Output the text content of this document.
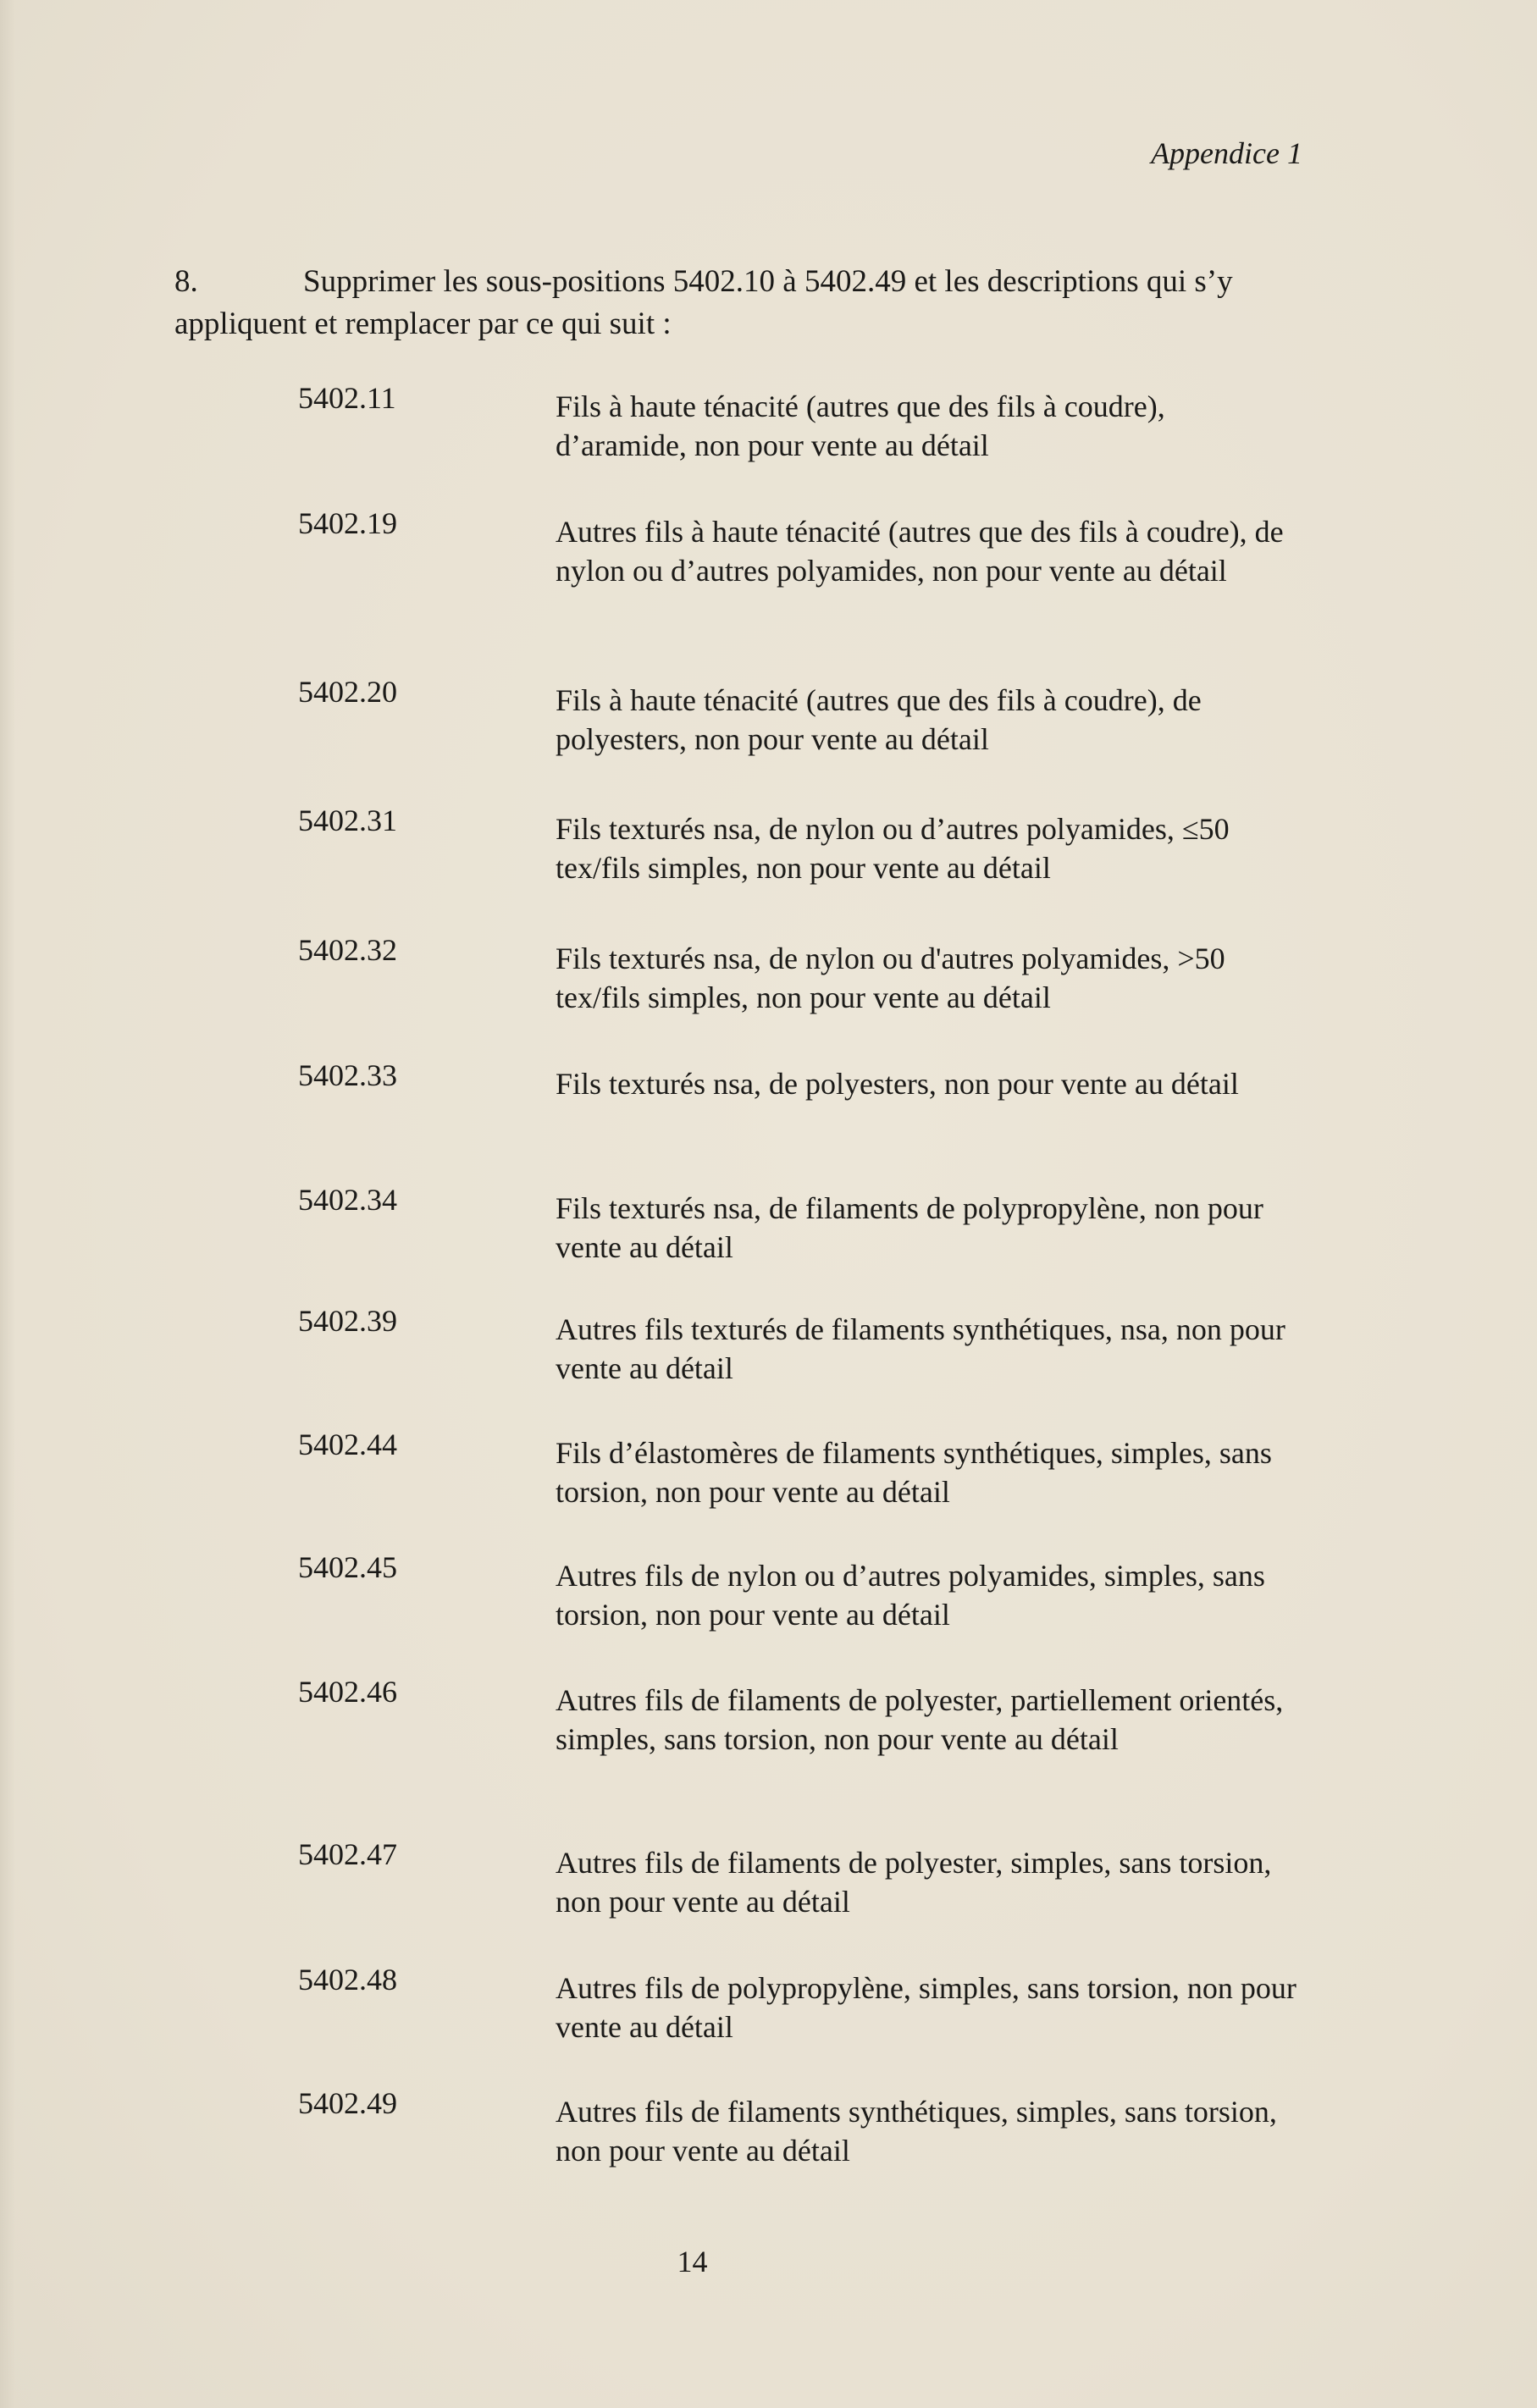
Appendice 1
8.	Supprimer les sous-positions 5402.10 à 5402.49 et les descriptions qui s’y appliquent et remplacer par ce qui suit :
5402.11	Fils à haute ténacité (autres que des fils à coudre), d’aramide, non pour vente au détail
5402.19	Autres fils à haute ténacité (autres que des fils à coudre), de nylon ou d’autres polyamides, non pour vente au détail
5402.20	Fils à haute ténacité (autres que des fils à coudre), de polyesters, non pour vente au détail
5402.31	Fils texturés nsa, de nylon ou d’autres polyamides, ≤50 tex/fils simples, non pour vente au détail
5402.32	Fils texturés nsa, de nylon ou d'autres polyamides, >50 tex/fils simples, non pour vente au détail
5402.33	Fils texturés nsa, de polyesters, non pour vente au détail
5402.34	Fils texturés nsa, de filaments de polypropylène, non pour vente au détail
5402.39	Autres fils texturés de filaments synthétiques, nsa, non pour vente au détail
5402.44	Fils d’élastomères de filaments synthétiques, simples, sans torsion, non pour vente au détail
5402.45	Autres fils de nylon ou d’autres polyamides, simples, sans torsion, non pour vente au détail
5402.46	Autres fils de filaments de polyester, partiellement orientés, simples, sans torsion, non pour vente au détail
5402.47	Autres fils de filaments de polyester, simples, sans torsion, non pour vente au détail
5402.48	Autres fils de polypropylène, simples, sans torsion, non pour vente au détail
5402.49	Autres fils de filaments synthétiques, simples, sans torsion, non pour vente au détail
14
